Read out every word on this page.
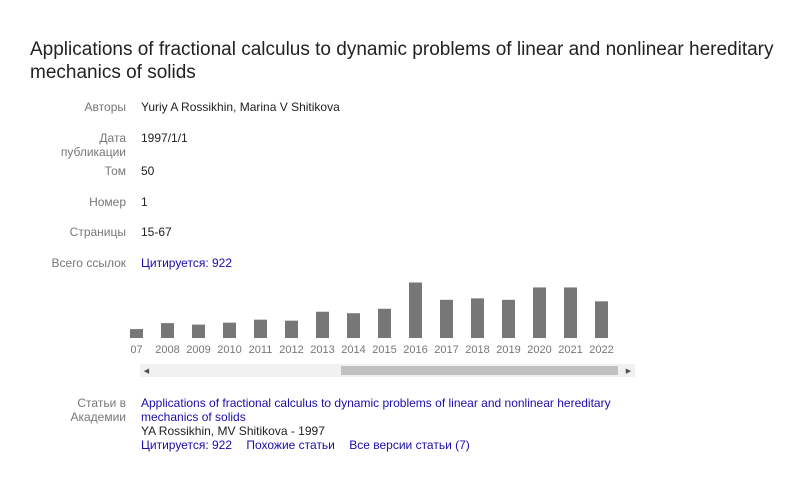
Applications of fractional calculus to dynamic problems of linear and nonlinear hereditary mechanics of solids
Авторы Yuriy A Rossikhin, Marina V Shitikova
Дата
публикации
1997/1/1
Том 50
Номер 1
Страницы 15-67
Всего ссылок Цитируется: 922
07 2008 2009 2010 2011 2012 2013 2014 2015 2016 2017 2018 2019 2020 2021 2022
◀	▶
Статьи в
Академии
Applications of fractional calculus to dynamic problems of linear and nonlinear hereditary
mechanics of solids
YA Rossikhin, MV Shitikova - 1997
Цитируется: 922 Похожие статьи Все версии статьи (7)
